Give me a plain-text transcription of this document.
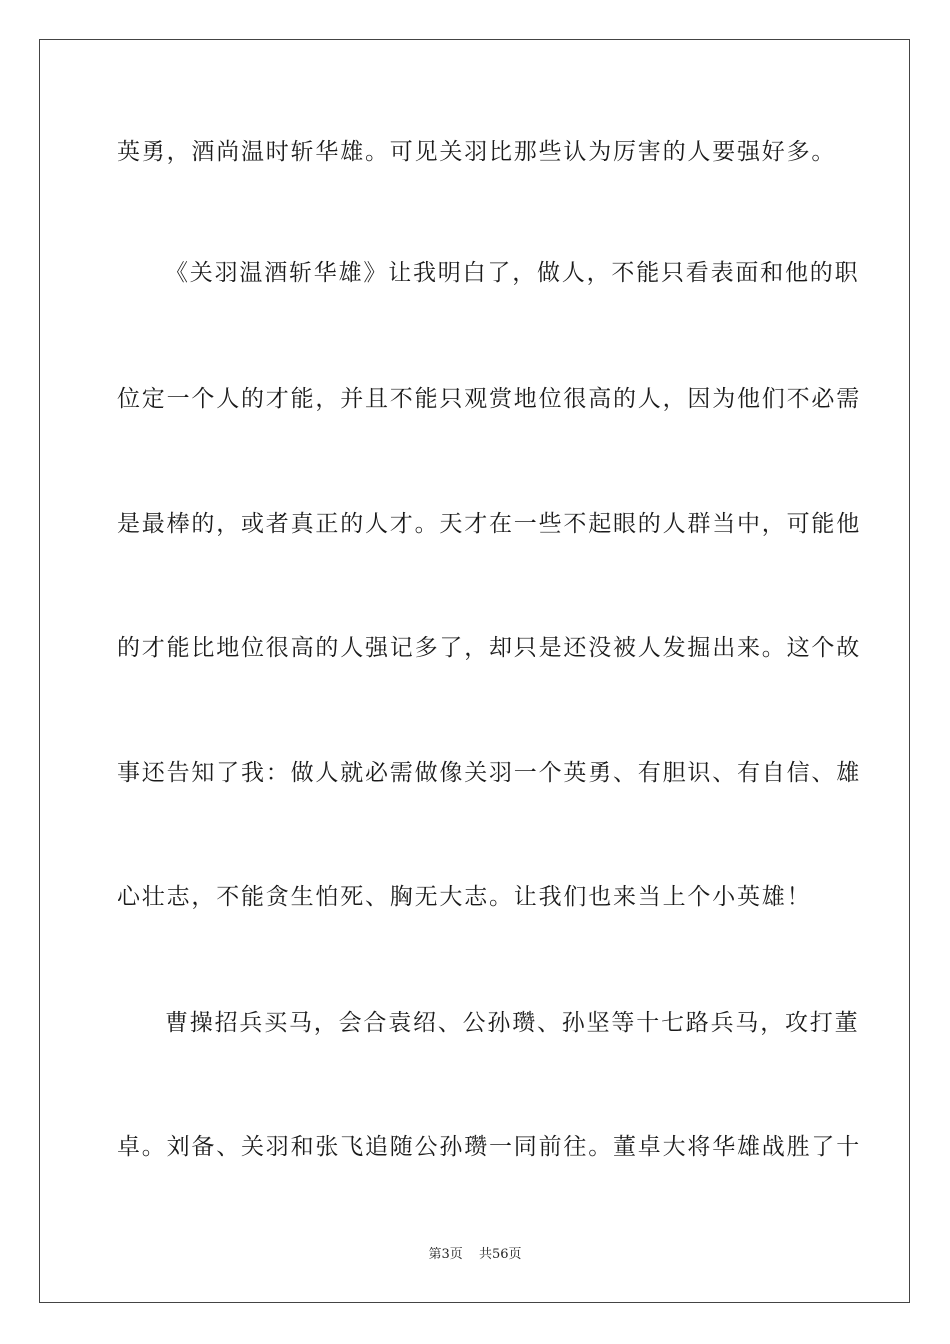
英勇，酒尚温时斩华雄。可见关羽比那些认为厉害的人要强好多。
《关羽温酒斩华雄》让我明白了，做人，不能只看表面和他的职
位定一个人的才能，并且不能只观赏地位很高的人，因为他们不必需
是最棒的，或者真正的人才。天才在一些不起眼的人群当中，可能他
的才能比地位很高的人强记多了，却只是还没被人发掘出来。这个故
事还告知了我：做人就必需做像关羽一个英勇、有胆识、有自信、雄
心壮志，不能贪生怕死、胸无大志。让我们也来当上个小英雄！
曹操招兵买马，会合袁绍、公孙瓒、孙坚等十七路兵马，攻打董
卓。刘备、关羽和张飞追随公孙瓒一同前往。董卓大将华雄战胜了十
第3页 共56页
